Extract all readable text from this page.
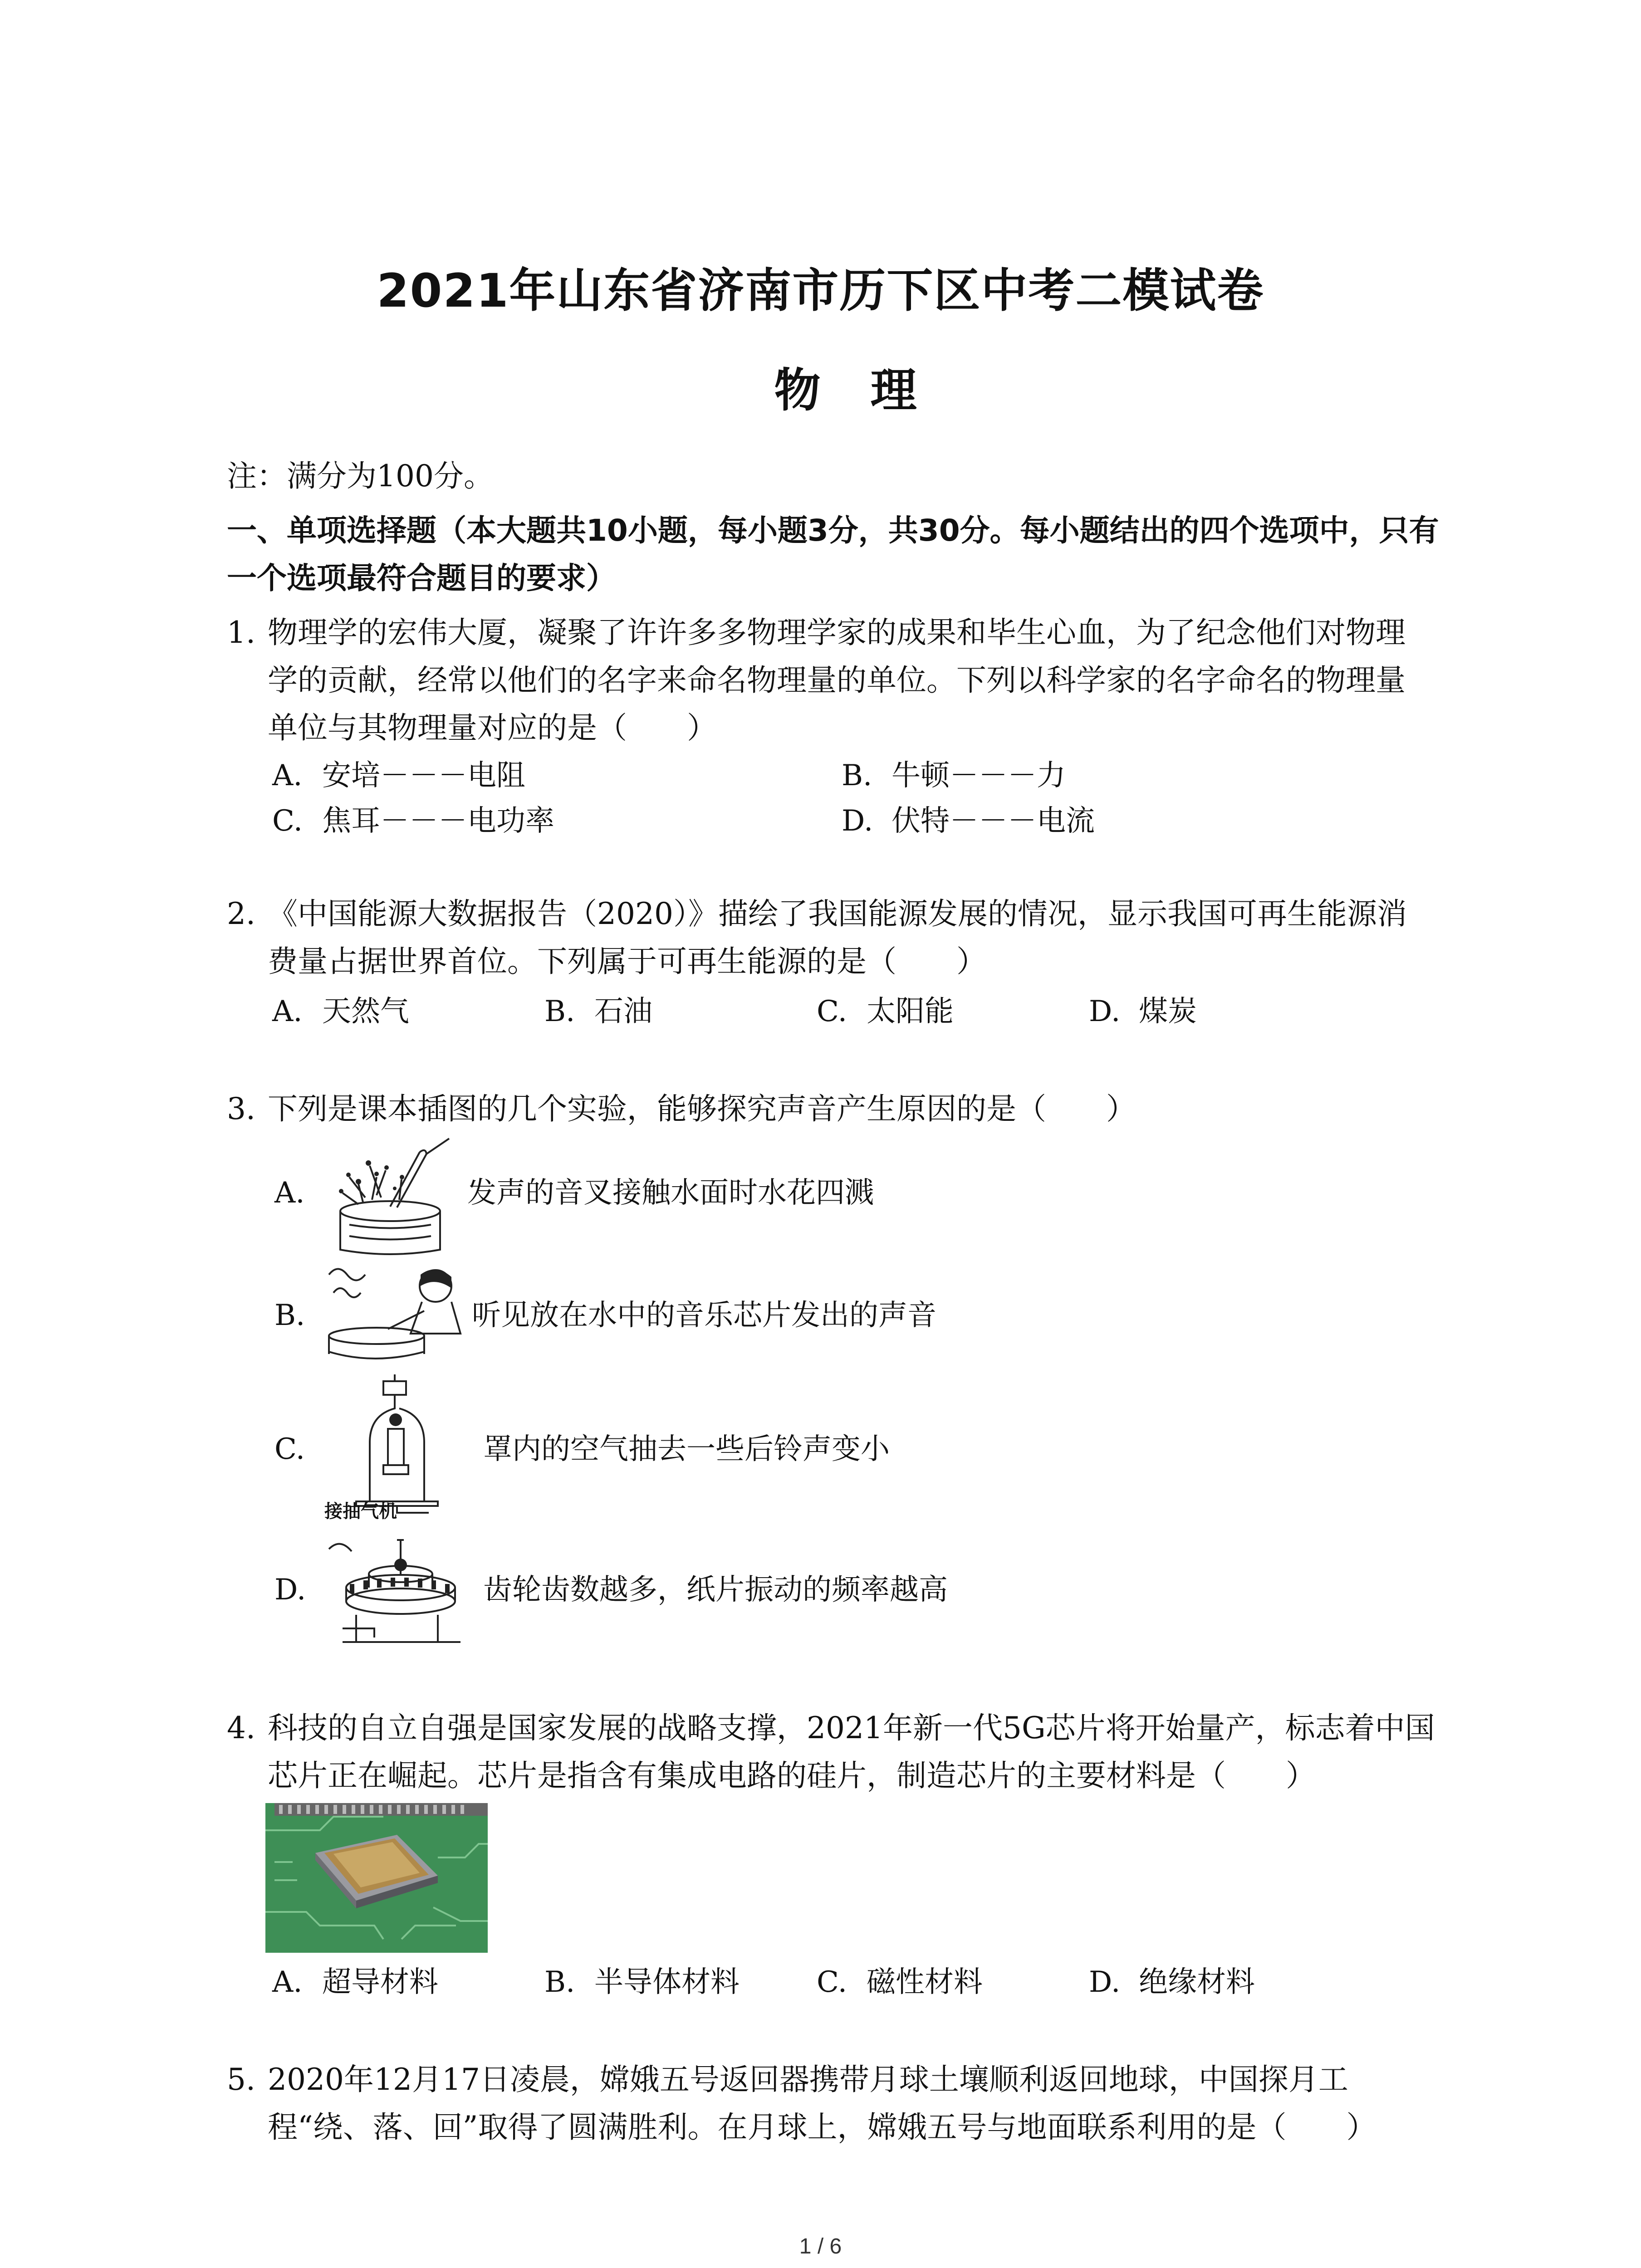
2021年山东省济南市历下区中考二模试卷
物理
注：满分为100分。
一、单项选择题（本大题共10小题，每小题3分，共30分。每小题结出的四个选项中，只有
一个选项最符合题目的要求）
1. 物理学的宏伟大厦，凝聚了许许多多物理学家的成果和毕生心血，为了纪念他们对物理
学的贡献，经常以他们的名字来命名物理量的单位。下列以科学家的名字命名的物理量
单位与其物理量对应的是（　　）
A. 安培－－－电阻	B. 牛顿－－－力
C. 焦耳－－－电功率	D. 伏特－－－电流
2. 《中国能源大数据报告（2020）》描绘了我国能源发展的情况，显示我国可再生能源消
费量占据世界首位。下列属于可再生能源的是（　　）
A. 天然气	B. 石油	C. 太阳能	D. 煤炭
3. 下列是课本插图的几个实验，能够探究声音产生原因的是（　　）
A.	发声的音叉接触水面时水花四溅
B.	听见放在水中的音乐芯片发出的声音
C.
接抽气机
罩内的空气抽去一些后铃声变小
D.	齿轮齿数越多，纸片振动的频率越高
4. 科技的自立自强是国家发展的战略支撑，2021年新一代5G芯片将开始量产，标志着中国
芯片正在崛起。芯片是指含有集成电路的硅片，制造芯片的主要材料是（　　）
A. 超导材料	B. 半导体材料	C. 磁性材料	D. 绝缘材料
5. 2020年12月17日凌晨，嫦娥五号返回器携带月球土壤顺利返回地球，中国探月工
程“绕、落、回”取得了圆满胜利。在月球上，嫦娥五号与地面联系利用的是（　　）
1 / 6
